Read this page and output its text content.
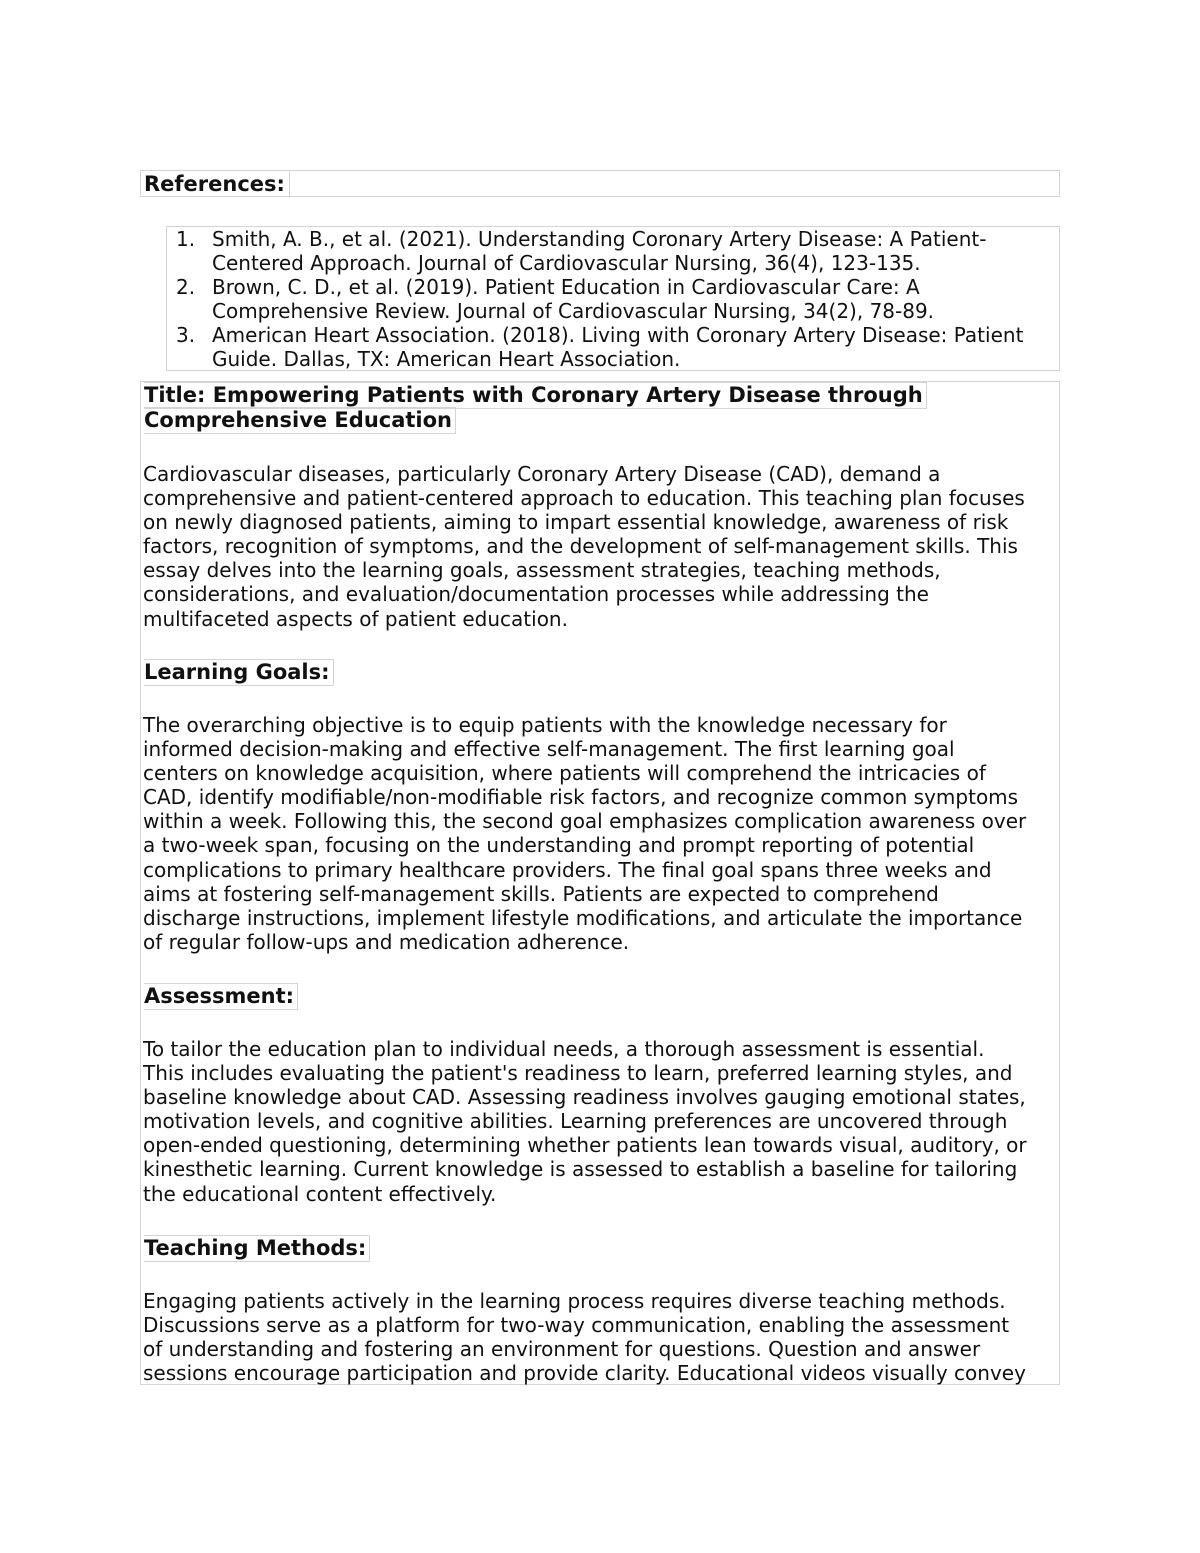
References:
1. Smith, A. B., et al. (2021). Understanding Coronary Artery Disease: A Patient-
Centered Approach. Journal of Cardiovascular Nursing, 36(4), 123-135.
2. Brown, C. D., et al. (2019). Patient Education in Cardiovascular Care: A
Comprehensive Review. Journal of Cardiovascular Nursing, 34(2), 78-89.
3. American Heart Association. (2018). Living with Coronary Artery Disease: Patient
Guide. Dallas, TX: American Heart Association.
Title: Empowering Patients with Coronary Artery Disease through
Comprehensive Education
Cardiovascular diseases, particularly Coronary Artery Disease (CAD), demand a
comprehensive and patient-centered approach to education. This teaching plan focuses
on newly diagnosed patients, aiming to impart essential knowledge, awareness of risk
factors, recognition of symptoms, and the development of self-management skills. This
essay delves into the learning goals, assessment strategies, teaching methods,
considerations, and evaluation/documentation processes while addressing the
multifaceted aspects of patient education.
Learning Goals:
The overarching objective is to equip patients with the knowledge necessary for
informed decision-making and effective self-management. The first learning goal
centers on knowledge acquisition, where patients will comprehend the intricacies of
CAD, identify modifiable/non-modifiable risk factors, and recognize common symptoms
within a week. Following this, the second goal emphasizes complication awareness over
a two-week span, focusing on the understanding and prompt reporting of potential
complications to primary healthcare providers. The final goal spans three weeks and
aims at fostering self-management skills. Patients are expected to comprehend
discharge instructions, implement lifestyle modifications, and articulate the importance
of regular follow-ups and medication adherence.
Assessment:
To tailor the education plan to individual needs, a thorough assessment is essential.
This includes evaluating the patient's readiness to learn, preferred learning styles, and
baseline knowledge about CAD. Assessing readiness involves gauging emotional states,
motivation levels, and cognitive abilities. Learning preferences are uncovered through
open-ended questioning, determining whether patients lean towards visual, auditory, or
kinesthetic learning. Current knowledge is assessed to establish a baseline for tailoring
the educational content effectively.
Teaching Methods:
Engaging patients actively in the learning process requires diverse teaching methods.
Discussions serve as a platform for two-way communication, enabling the assessment
of understanding and fostering an environment for questions. Question and answer
sessions encourage participation and provide clarity. Educational videos visually convey
